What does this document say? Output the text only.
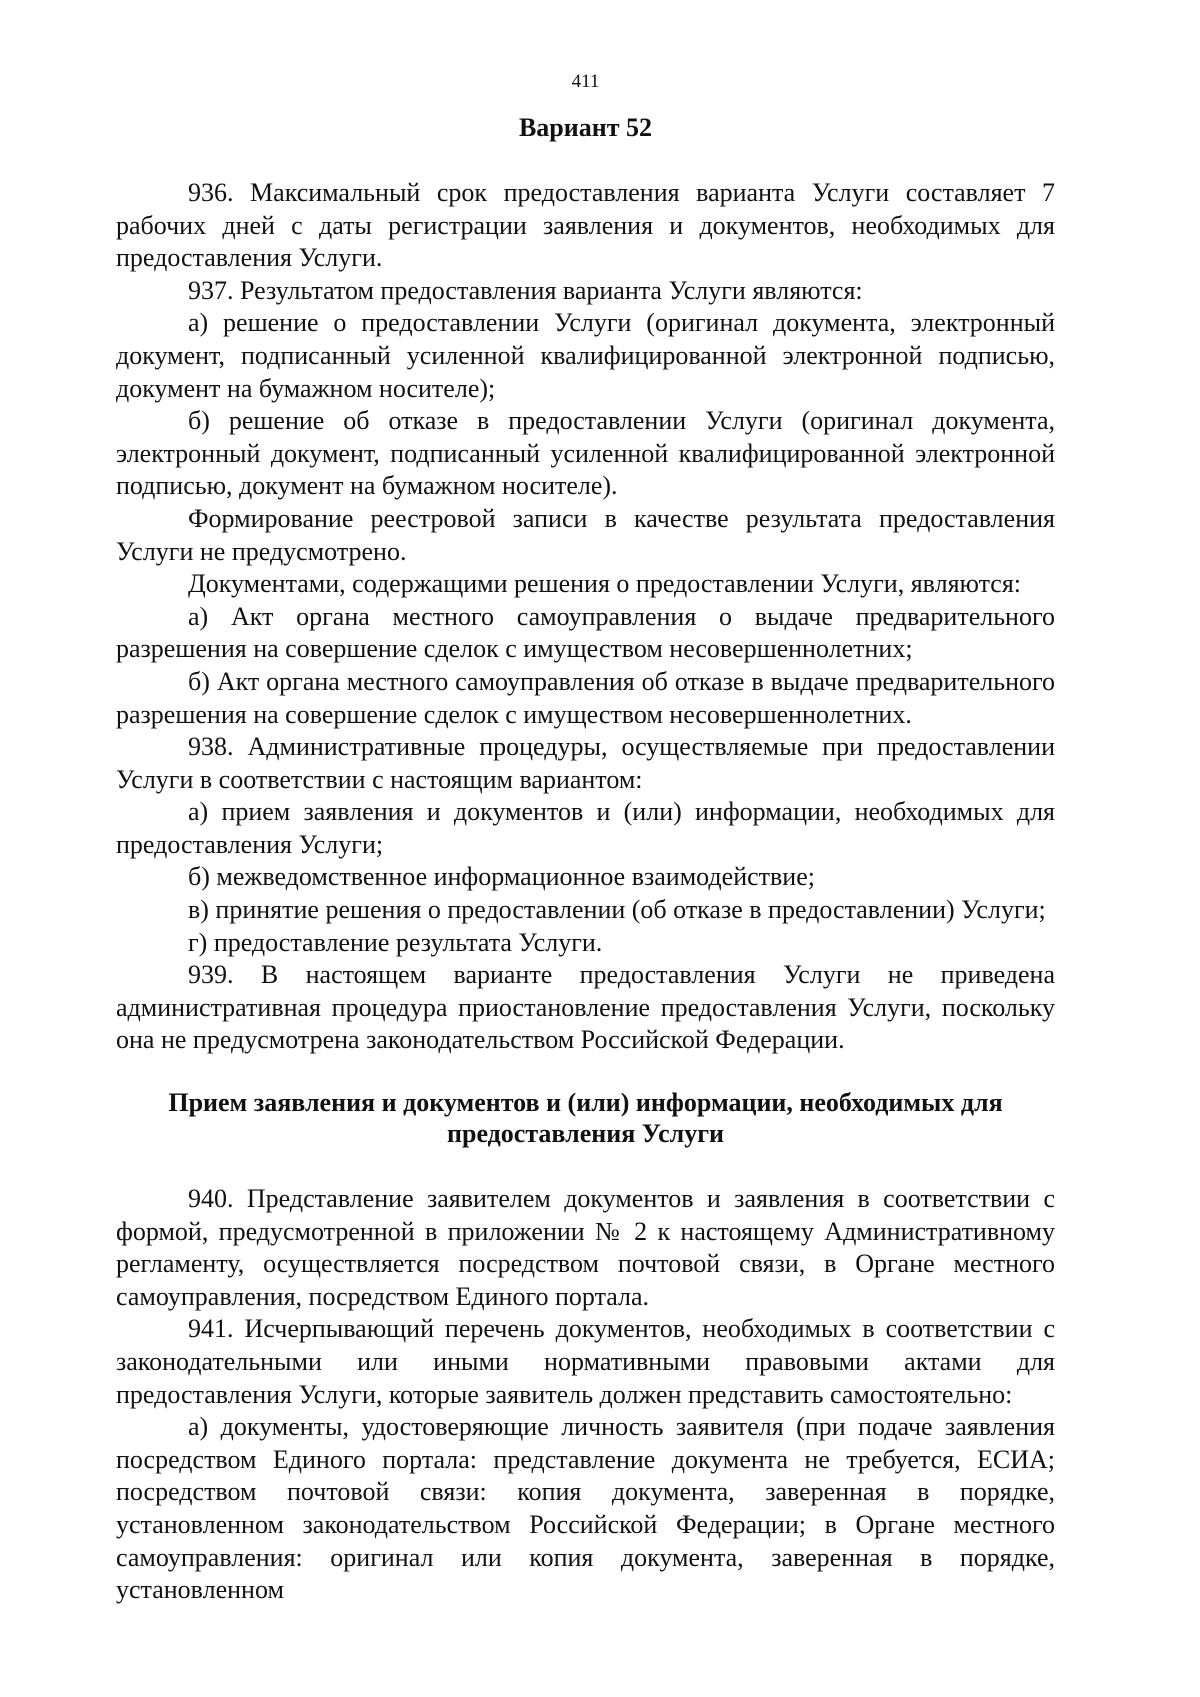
411
Вариант 52

936. Максимальный срок предоставления варианта Услуги составляет 7 рабочих дней с даты регистрации заявления и документов, необходимых для предоставления Услуги.

937. Результатом предоставления варианта Услуги являются:

а) решение о предоставлении Услуги (оригинал документа, электронный документ, подписанный усиленной квалифицированной электронной подписью, документ на бумажном носителе);

б) решение об отказе в предоставлении Услуги (оригинал документа, электронный документ, подписанный усиленной квалифицированной электронной подписью, документ на бумажном носителе).

Формирование реестровой записи в качестве результата предоставления Услуги не предусмотрено.

Документами, содержащими решения о предоставлении Услуги, являются:

а) Акт органа местного самоуправления о выдаче предварительного разрешения на совершение сделок с имуществом несовершеннолетних;

б) Акт органа местного самоуправления об отказе в выдаче предварительного разрешения на совершение сделок с имуществом несовершеннолетних.

938. Административные процедуры, осуществляемые при предоставлении Услуги в соответствии с настоящим вариантом:

а) прием заявления и документов и (или) информации, необходимых для предоставления Услуги;

б) межведомственное информационное взаимодействие;

в) принятие решения о предоставлении (об отказе в предоставлении) Услуги;

г) предоставление результата Услуги.

939. В настоящем варианте предоставления Услуги не приведена административная процедура приостановление предоставления Услуги, поскольку она не предусмотрена законодательством Российской Федерации.

Прием заявления и документов и (или) информации, необходимых для
предоставления Услуги

940. Представление заявителем документов и заявления в соответствии с формой, предусмотренной в приложении № 2 к настоящему Административному регламенту, осуществляется посредством почтовой связи, в Органе местного самоуправления, посредством Единого портала.

941. Исчерпывающий перечень документов, необходимых в соответствии с законодательными или иными нормативными правовыми актами для предоставления Услуги, которые заявитель должен представить самостоятельно:

а) документы, удостоверяющие личность заявителя (при подаче заявления посредством Единого портала: представление документа не требуется, ЕСИА; посредством почтовой связи: копия документа, заверенная в порядке, установленном законодательством Российской Федерации; в Органе местного самоуправления: оригинал или копия документа, заверенная в порядке, установленном
